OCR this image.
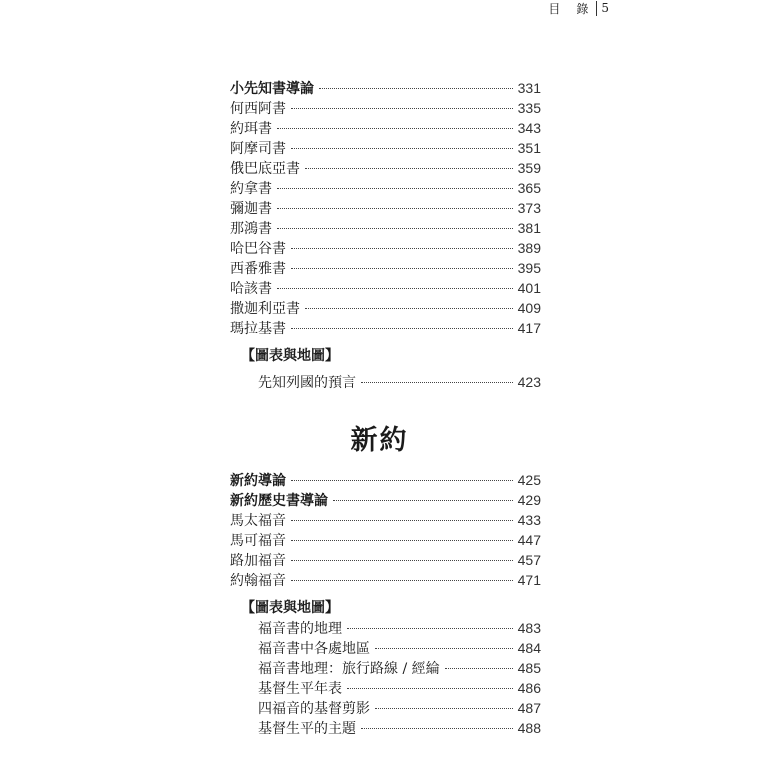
目　錄 5
小先知書導論	331
何西阿書	335
約珥書	343
阿摩司書	351
俄巴底亞書	359
約拿書	365
彌迦書	373
那鴻書	381
哈巴谷書	389
西番雅書	395
哈該書	401
撒迦利亞書	409
瑪拉基書	417
【圖表與地圖】
先知列國的預言	423
新約
新約導論	425
新約歷史書導論	429
馬太福音	433
馬可福音	447
路加福音	457
約翰福音	471
【圖表與地圖】
福音書的地理	483
福音書中各處地區	484
福音書地理：旅行路線 / 經綸	485
基督生平年表	486
四福音的基督剪影	487
基督生平的主題	488
